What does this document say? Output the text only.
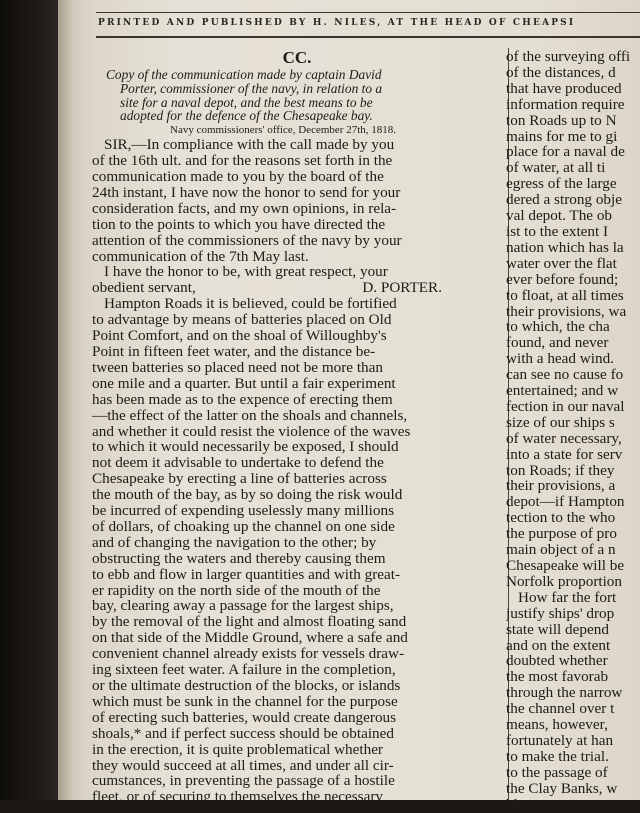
PRINTED AND PUBLISHED BY H. NILES, AT THE HEAD OF CHEAPSI
CC.
Copy of the communication made by captain David
Porter, commissioner of the navy, in relation to a
site for a naval depot, and the best means to be
adopted for the defence of the Chesapeake bay.
Navy commissioners' office, December 27th, 1818.
SIR,—In compliance with the call made by you
of the 16th ult. and for the reasons set forth in the
communication made to you by the board of the
24th instant, I have now the honor to send for your
consideration facts, and my own opinions, in rela-
tion to the points to which you have directed the
attention of the commissioners of the navy by your
communication of the 7th May last.
I have the honor to be, with great respect, your
obedient servant,	D. PORTER.
Hampton Roads it is believed, could be fortified
to advantage by means of batteries placed on Old
Point Comfort, and on the shoal of Willoughby's
Point in fifteen feet water, and the distance be-
tween batteries so placed need not be more than
one mile and a quarter. But until a fair experiment
has been made as to the expence of erecting them
—the effect of the latter on the shoals and channels,
and whether it could resist the violence of the waves
to which it would necessarily be exposed, I should
not deem it advisable to undertake to defend the
Chesapeake by erecting a line of batteries across
the mouth of the bay, as by so doing the risk would
be incurred of expending uselessly many millions
of dollars, of choaking up the channel on one side
and of changing the navigation to the other; by
obstructing the waters and thereby causing them
to ebb and flow in larger quantities and with great-
er rapidity on the north side of the mouth of the
bay, clearing away a passage for the largest ships,
by the removal of the light and almost floating sand
on that side of the Middle Ground, where a safe and
convenient channel already exists for vessels draw-
ing sixteen feet water. A failure in the completion,
or the ultimate destruction of the blocks, or islands
which must be sunk in the channel for the purpose
of erecting such batteries, would create dangerous
shoals,* and if perfect success should be obtained
in the erection, it is quite problematical whether
they would succeed at all times, and under all cir-
cumstances, in preventing the passage of a hostile
fleet, or of securing to themselves the necessary
of the surveying offi
of the distances, d
that have produced
information require
ton Roads up to N
mains for me to gi
place for a naval de
of water, at all ti
egress of the large
dered a strong obje
val depot. The ob
ist to the extent I
nation which has la
water over the flat
ever before found;
to float, at all times
their provisions, wa
to which, the cha
found, and never
with a head wind.
can see no cause fo
entertained; and w
fection in our naval
size of our ships s
of water necessary,
into a state for serv
ton Roads; if they
their provisions, a
depot—if Hampton
tection to the who
the purpose of pro
main object of a n
Chesapeake will be
Norfolk proportion
How far the fort
justify ships' drop
state will depend
and on the extent
doubted whether
the most favorab
through the narrow
the channel over t
means, however,
fortunately at han
to make the trial.
to the passage of
the Clay Banks, w
ble
